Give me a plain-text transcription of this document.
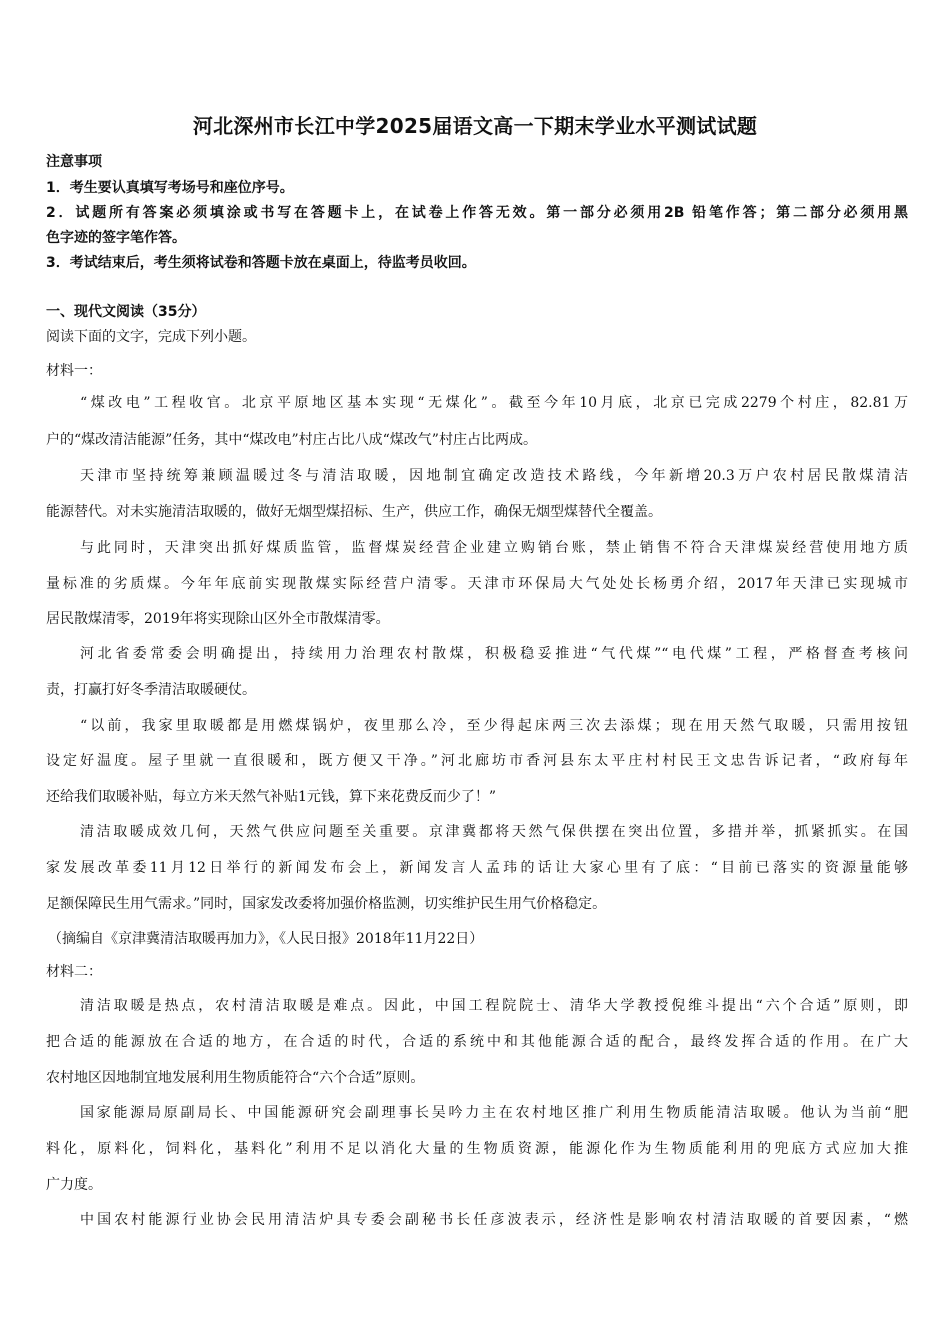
河北深州市长江中学2025届语文高一下期末学业水平测试试题
注意事项
1．考生要认真填写考场号和座位序号。
2．试题所有答案必须填涂或书写在答题卡上，在试卷上作答无效。第一部分必须用2B 铅笔作答；第二部分必须用黑
色字迹的签字笔作答。
3．考试结束后，考生须将试卷和答题卡放在桌面上，待监考员收回。
一、现代文阅读（35分）
阅读下面的文字，完成下列小题。
材料一：
“煤改电”工程收官。北京平原地区基本实现“无煤化”。截至今年10月底，北京已完成2279个村庄，82.81万
户的“煤改清洁能源”任务，其中“煤改电”村庄占比八成“煤改气”村庄占比两成。
天津市坚持统筹兼顾温暖过冬与清洁取暖，因地制宜确定改造技术路线，今年新增20.3万户农村居民散煤清洁
能源替代。对未实施清洁取暖的，做好无烟型煤招标、生产，供应工作，确保无烟型煤替代全覆盖。
与此同时，天津突出抓好煤质监管，监督煤炭经营企业建立购销台账，禁止销售不符合天津煤炭经营使用地方质
量标准的劣质煤。今年年底前实现散煤实际经营户清零。天津市环保局大气处处长杨勇介绍，2017年天津已实现城市
居民散煤清零，2019年将实现除山区外全市散煤清零。
河北省委常委会明确提出，持续用力治理农村散煤，积极稳妥推进“气代煤”“电代煤”工程，严格督查考核问
责，打赢打好冬季清洁取暖硬仗。
“以前，我家里取暖都是用燃煤锅炉，夜里那么冷，至少得起床两三次去添煤；现在用天然气取暖，只需用按钮
设定好温度。屋子里就一直很暖和，既方便又干净。”河北廊坊市香河县东太平庄村村民王文忠告诉记者，“政府每年
还给我们取暖补贴，每立方米天然气补贴1元钱，算下来花费反而少了！”
清洁取暖成效几何，天然气供应问题至关重要。京津冀都将天然气保供摆在突出位置，多措并举，抓紧抓实。在国
家发展改革委11月12日举行的新闻发布会上，新闻发言人孟玮的话让大家心里有了底：“目前已落实的资源量能够
足额保障民生用气需求。”同时，国家发改委将加强价格监测，切实维护民生用气价格稳定。
（摘编自《京津冀清洁取暖再加力》，《人民日报》2018年11月22日）
材料二：
清洁取暖是热点，农村清洁取暖是难点。因此，中国工程院院士、清华大学教授倪维斗提出“六个合适”原则，即
把合适的能源放在合适的地方，在合适的时代，合适的系统中和其他能源合适的配合，最终发挥合适的作用。在广大
农村地区因地制宜地发展利用生物质能符合“六个合适”原则。
国家能源局原副局长、中国能源研究会副理事长吴吟力主在农村地区推广利用生物质能清洁取暖。他认为当前“肥
料化，原料化，饲料化，基料化”利用不足以消化大量的生物质资源，能源化作为生物质能利用的兜底方式应加大推
广力度。
中国农村能源行业协会民用清洁炉具专委会副秘书长任彦波表示，经济性是影响农村清洁取暖的首要因素，“燃
